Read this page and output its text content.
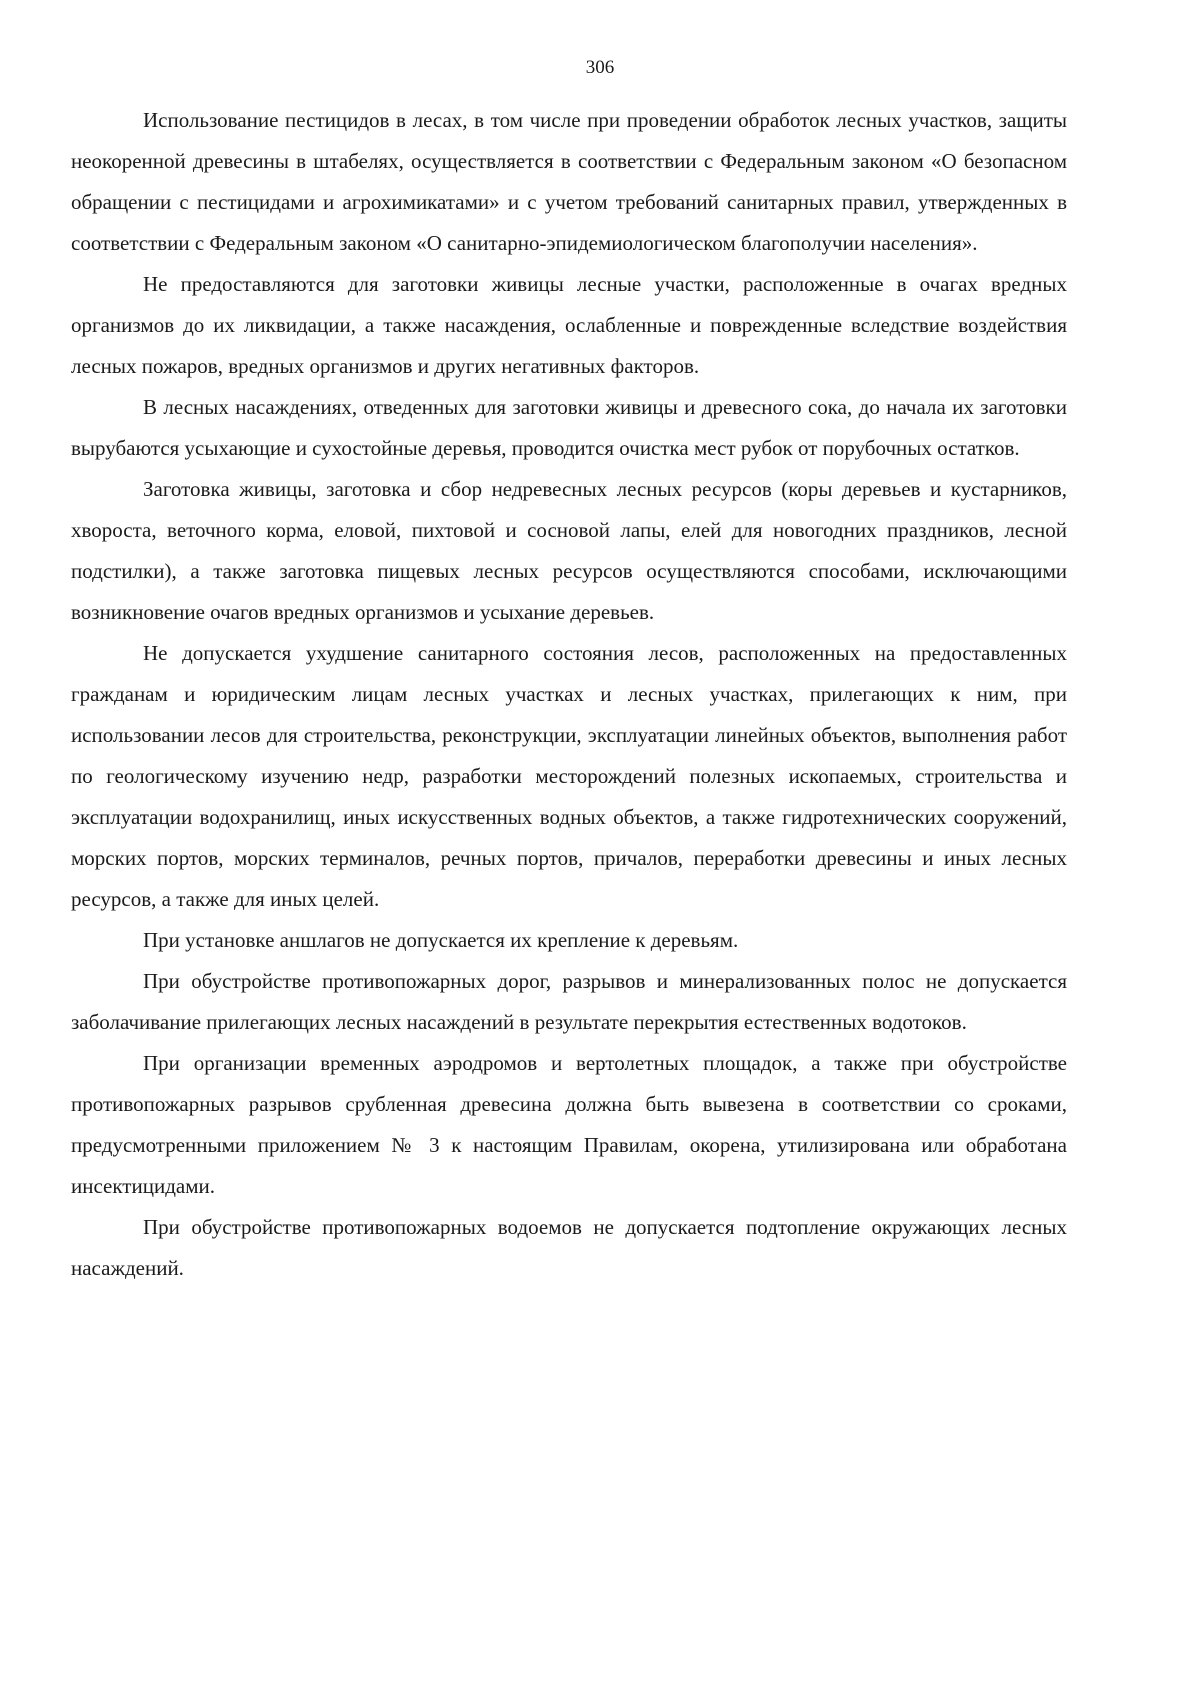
306

Использование пестицидов в лесах, в том числе при проведении обработок лесных участков, защиты неокоренной древесины в штабелях, осуществляется в соответствии с Федеральным законом «О безопасном обращении с пестицидами и агрохимикатами» и с учетом требований санитарных правил, утвержденных в соответствии с Федеральным законом «О санитарно-эпидемиологическом благополучии населения».

Не предоставляются для заготовки живицы лесные участки, расположенные в очагах вредных организмов до их ликвидации, а также насаждения, ослабленные и поврежденные вследствие воздействия лесных пожаров, вредных организмов и других негативных факторов.

В лесных насаждениях, отведенных для заготовки живицы и древесного сока, до начала их заготовки вырубаются усыхающие и сухостойные деревья, проводится очистка мест рубок от порубочных остатков.

Заготовка живицы, заготовка и сбор недревесных лесных ресурсов (коры деревьев и кустарников, хвороста, веточного корма, еловой, пихтовой и сосновой лапы, елей для новогодних праздников, лесной подстилки), а также заготовка пищевых лесных ресурсов осуществляются способами, исключающими возникновение очагов вредных организмов и усыхание деревьев.

Не допускается ухудшение санитарного состояния лесов, расположенных на предоставленных гражданам и юридическим лицам лесных участках и лесных участках, прилегающих к ним, при использовании лесов для строительства, реконструкции, эксплуатации линейных объектов, выполнения работ по геологическому изучению недр, разработки месторождений полезных ископаемых, строительства и эксплуатации водохранилищ, иных искусственных водных объектов, а также гидротехнических сооружений, морских портов, морских терминалов, речных портов, причалов, переработки древесины и иных лесных ресурсов, а также для иных целей.

При установке аншлагов не допускается их крепление к деревьям.

При обустройстве противопожарных дорог, разрывов и минерализованных полос не допускается заболачивание прилегающих лесных насаждений в результате перекрытия естественных водотоков.

При организации временных аэродромов и вертолетных площадок, а также при обустройстве противопожарных разрывов срубленная древесина должна быть вывезена в соответствии со сроками, предусмотренными приложением № 3 к настоящим Правилам, окорена, утилизирована или обработана инсектицидами.

При обустройстве противопожарных водоемов не допускается подтопление окружающих лесных насаждений.
